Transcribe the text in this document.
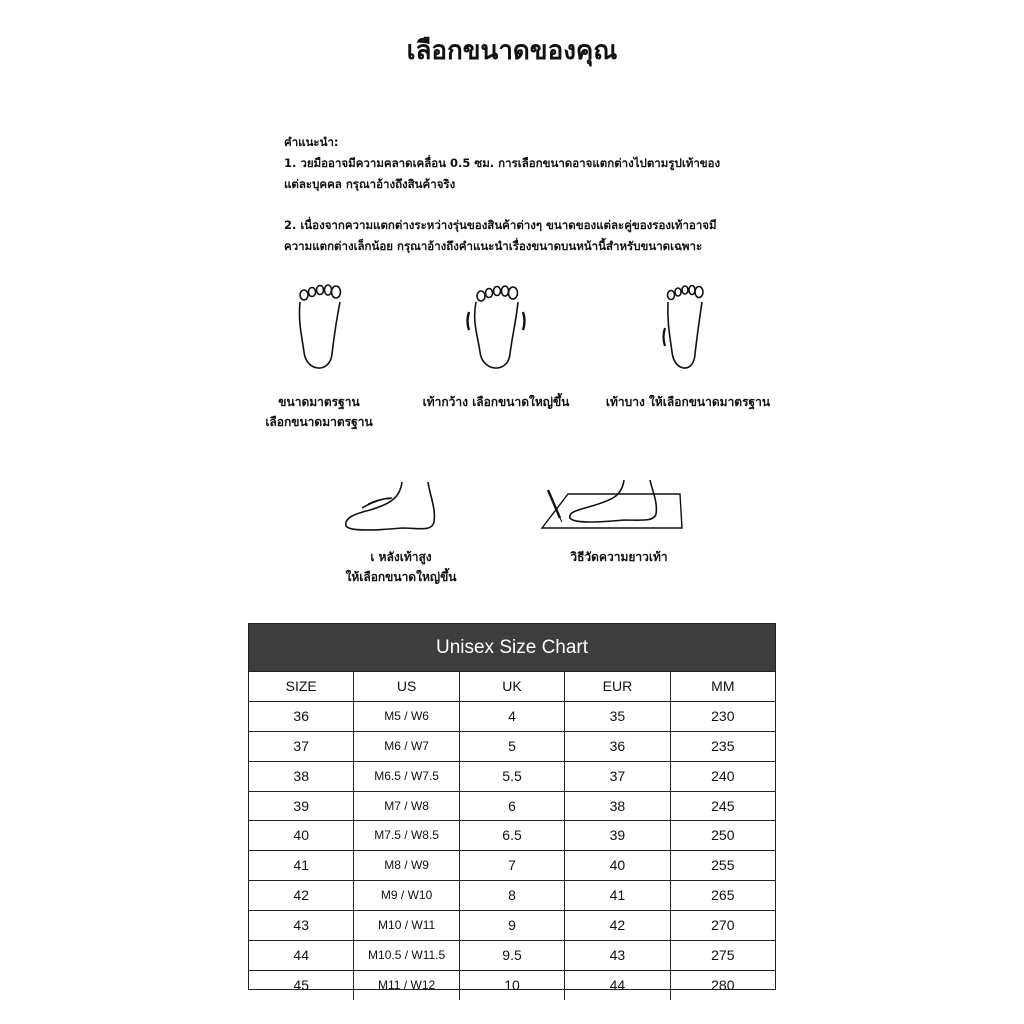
เลือกขนาดของคุณ
คำแนะนำ:
1. วยมืออาจมีความคลาดเคลื่อน 0.5 ซม. การเลือกขนาดอาจแตกต่างไปตามรูปเท้าของ
แต่ละบุคคล กรุณาอ้างถึงสินค้าจริง
2. เนื่องจากความแตกต่างระหว่างรุ่นของสินค้าต่างๆ ขนาดของแต่ละคู่ของรองเท้าอาจมี
ความแตกต่างเล็กน้อย กรุณาอ้างถึงคำแนะนำเรื่องขนาดบนหน้านี้สำหรับขนาดเฉพาะ
ขนาดมาตรฐาน
เลือกขนาดมาตรฐาน
เท้ากว้าง เลือกขนาดใหญ่ขึ้น	เท้าบาง ให้เลือกขนาดมาตรฐาน
เ หลังเท้าสูง
ให้เลือกขนาดใหญ่ขึ้น
วิธีวัดความยาวเท้า
Unisex Size Chart
SIZE	US	UK	EUR	MM
36	M5 / W6	4	35	230
37	M6 / W7	5	36	235
38	M6.5 / W7.5	5.5	37	240
39	M7 / W8	6	38	245
40	M7.5 / W8.5	6.5	39	250
41	M8 / W9	7	40	255
42	M9 / W10	8	41	265
43	M10 / W11	9	42	270
44	M10.5 / W11.5	9.5	43	275
45	M11 / W12	10	44	280
